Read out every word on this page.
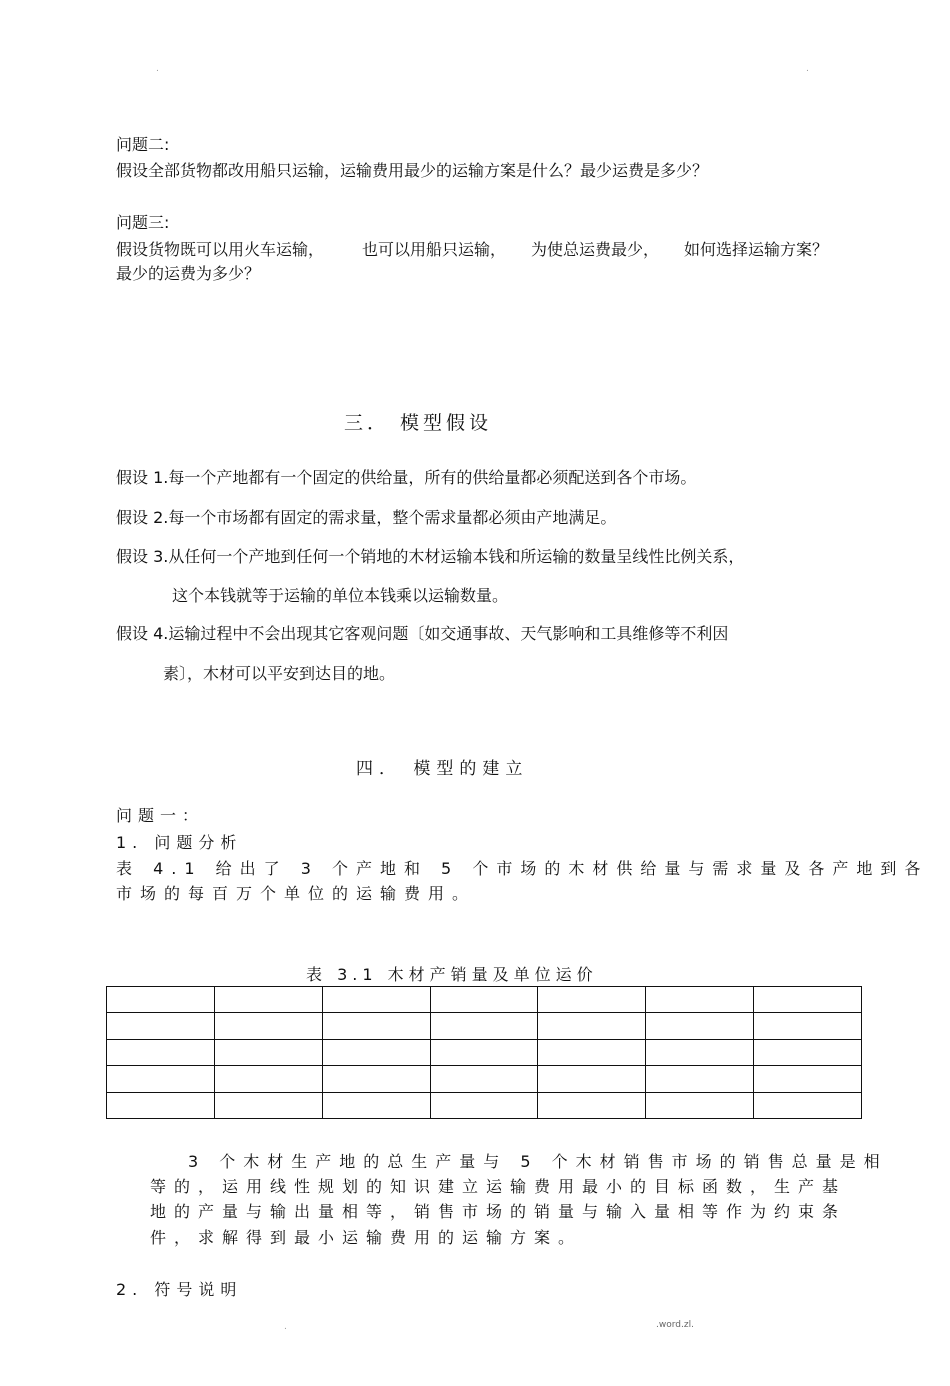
.	.
问题二:
假设全部货物都改用船只运输，运输费用最少的运输方案是什么？最少运费是多少？
问题三:
假设货物既可以用火车运输， 也可以用船只运输， 为使总运费最少， 如何选择运输方案？
最少的运费为多少？
三． 模型假设
假设 1.每一个产地都有一个固定的供给量，所有的供给量都必须配送到各个市场。
假设 2.每一个市场都有固定的需求量，整个需求量都必须由产地满足。
假设 3.从任何一个产地到任何一个销地的木材运输本钱和所运输的数量呈线性比例关系，
这个本钱就等于运输的单位本钱乘以运输数量。
假设 4.运输过程中不会出现其它客观问题〔如交通事故、天气影响和工具维修等不利因
素〕，木材可以平安到达目的地。
四． 模型的建立
问题一：
1. 问题分析
表 4.1 给出了 3 个产地和 5 个市场的木材供给量与需求量及各产地到各
市场的每百万个单位的运输费用。
表 3.1 木材产销量及单位运价

3 个木材生产地的总生产量与 5 个木材销售市场的销售总量是相
等的，运用线性规划的知识建立运输费用最小的目标函数，生产基
地的产量与输出量相等，销售市场的销量与输入量相等作为约束条
件，求解得到最小运输费用的运输方案。
2. 符号说明
.	.word.zl.
